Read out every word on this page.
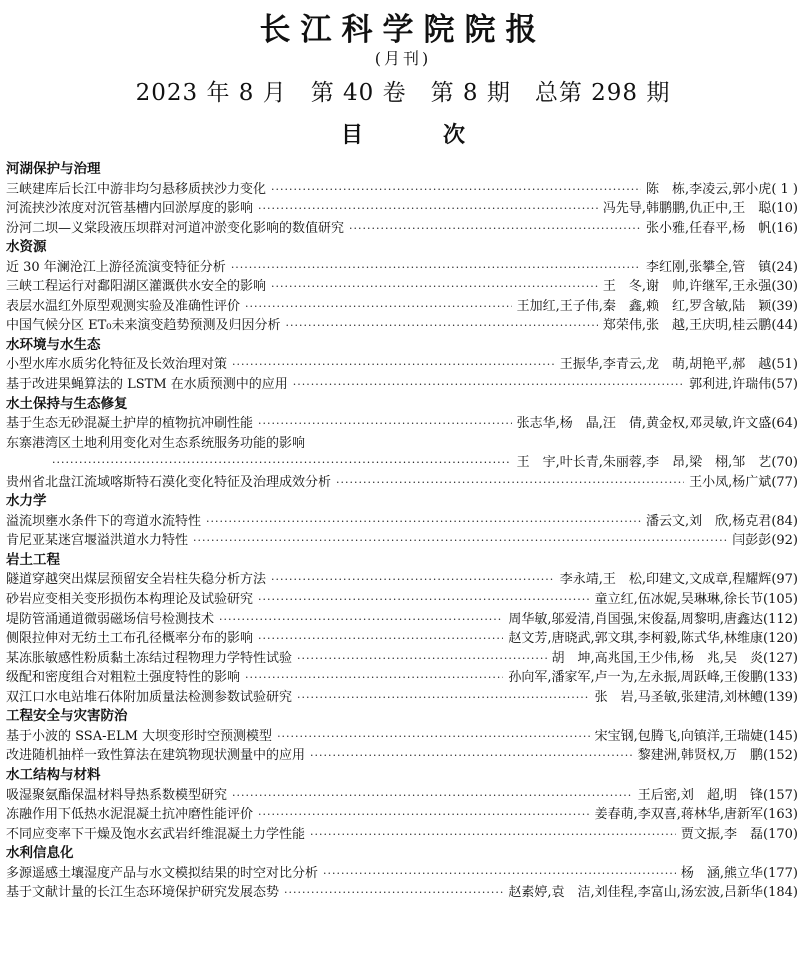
长江科学院院报
(月刊)
2023 年 8 月　第 40 卷　第 8 期　总第 298 期
目次
河湖保护与治理
三峡建库后长江中游非均匀悬移质挟沙力变化 ·····	陈　栋,李凌云,郭小虎 ( 1 )
河流挟沙浓度对沉管基槽内回淤厚度的影响 ·····	冯先导,韩鹏鹏,仇正中,王　聪 (10)
汾河二坝—义棠段液压坝群对河道冲淤变化影响的数值研究 ·····	张小雅,任春平,杨　帆 (16)
水资源
近 30 年澜沧江上游径流演变特征分析 ·····	李红刚,张攀全,管　镇 (24)
三峡工程运行对鄱阳湖区灌溉供水安全的影响 ·····	王　冬,谢　帅,许继军,王永强 (30)
表层水温红外原型观测实验及准确性评价 ·····	王加红,王子伟,秦　鑫,赖　红,罗含敏,陆　颖 (39)
中国气候分区 ET₀未来演变趋势预测及归因分析 ·····	郑荣伟,张　越,王庆明,桂云鹏 (44)
水环境与水生态
小型水库水质劣化特征及长效治理对策 ·····	王振华,李青云,龙　萌,胡艳平,郝　越 (51)
基于改进果蝇算法的 LSTM 在水质预测中的应用 ·····	郭利进,许瑞伟 (57)
水土保持与生态修复
基于生态无砂混凝土护岸的植物抗冲刷性能 ·····	张志华,杨　晶,汪　倩,黄金权,邓灵敏,许文盛 (64)
东寨港湾区土地利用变化对生态系统服务功能的影响
·····
王　宇,叶长青,朱丽蓉,李　昂,梁　栩,邹　艺 (70)
贵州省北盘江流域喀斯特石漠化变化特征及治理成效分析 ·····	王小凤,杨广斌 (77)
水力学
溢流坝壅水条件下的弯道水流特性 ·····	潘云文,刘　欣,杨克君 (84)
肯尼亚某迷宫堰溢洪道水力特性 ·····	闫彭彭 (92)
岩土工程
隧道穿越突出煤层预留安全岩柱失稳分析方法 ·····	李永靖,王　松,印建文,文成章,程耀辉 (97)
砂岩应变相关变形损伤本构理论及试验研究 ·····	童立红,伍冰妮,吴琳琳,徐长节 (105)
堤防管涌通道微弱磁场信号检测技术 ·····	周华敏,邬爱清,肖国强,宋俊磊,周黎明,唐鑫达 (112)
侧限拉伸对无纺土工布孔径概率分布的影响 ·····	赵文芳,唐晓武,郭文琪,李柯毅,陈式华,林维康 (120)
某冻胀敏感性粉质黏土冻结过程物理力学特性试验 ·····	胡　坤,高兆国,王少伟,杨　兆,吴　炎 (127)
级配和密度组合对粗粒土强度特性的影响 ·····	孙向军,潘家军,卢一为,左永振,周跃峰,王俊鹏 (133)
双江口水电站堆石体附加质量法检测参数试验研究 ·····	张　岩,马圣敏,张建清,刘林鳢 (139)
工程安全与灾害防治
基于小波的 SSA-ELM 大坝变形时空预测模型 ·····	宋宝钢,包腾飞,向镇洋,王瑞婕 (145)
改进随机抽样一致性算法在建筑物现状测量中的应用 ·····	黎建洲,韩贤权,万　鹏 (152)
水工结构与材料
吸湿聚氨酯保温材料导热系数模型研究 ·····	王后密,刘　超,明　锋 (157)
冻融作用下低热水泥混凝土抗冲磨性能评价 ·····	姜春萌,李双喜,蒋林华,唐新军 (163)
不同应变率下干燥及饱水玄武岩纤维混凝土力学性能 ·····	贾文振,李　磊 (170)
水利信息化
多源遥感土壤湿度产品与水文模拟结果的时空对比分析 ·····	杨　涵,熊立华 (177)
基于文献计量的长江生态环境保护研究发展态势 ·····	赵素婷,袁　洁,刘佳程,李富山,汤宏波,吕新华 (184)
